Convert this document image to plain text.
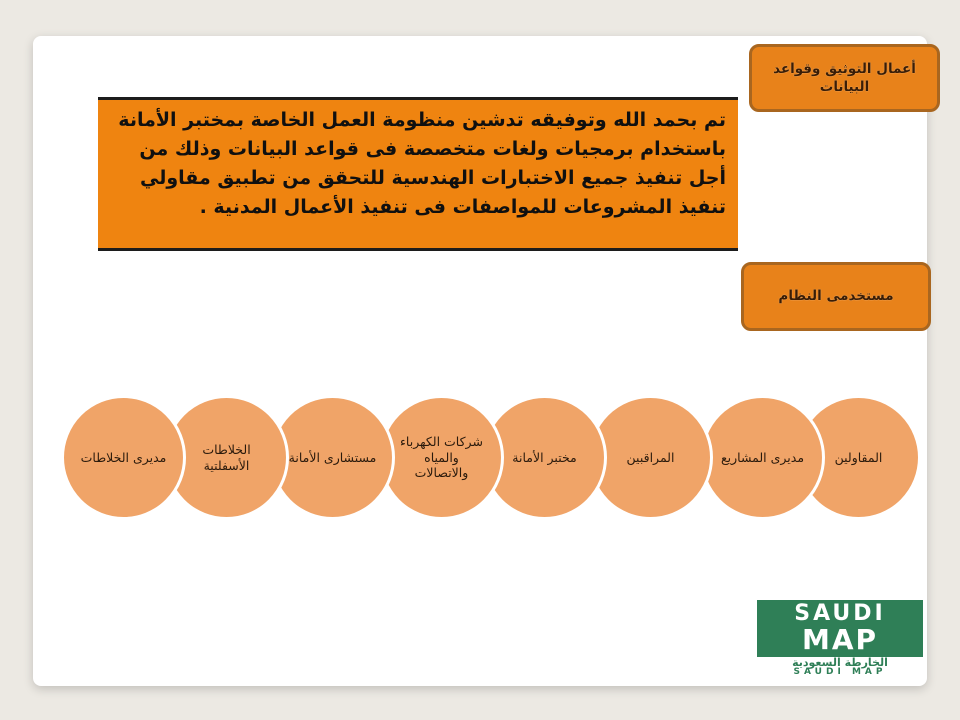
أعمال التوثيق وقواعد البيانات
تم بحمد الله وتوفيقه تدشين منظومة العمل الخاصة بمختبر الأمانة باستخدام برمجيات ولغات متخصصة فى قواعد البيانات وذلك من أجل تنفيذ جميع الاختبارات الهندسية للتحقق من تطبيق مقاولي تنفيذ المشروعات للمواصفات فى تنفيذ الأعمال المدنية .
مستخدمى النظام
المقاولين
مديرى المشاريع
المراقبين
مختبر الأمانة
شركات الكهرباء والمياه والاتصالات
مستشارى الأمانة
الخلاطات الأسفلتية
مديرى الخلاطات
SAUDI
MAP
الخارطة السعودية
SAUDI MAP
